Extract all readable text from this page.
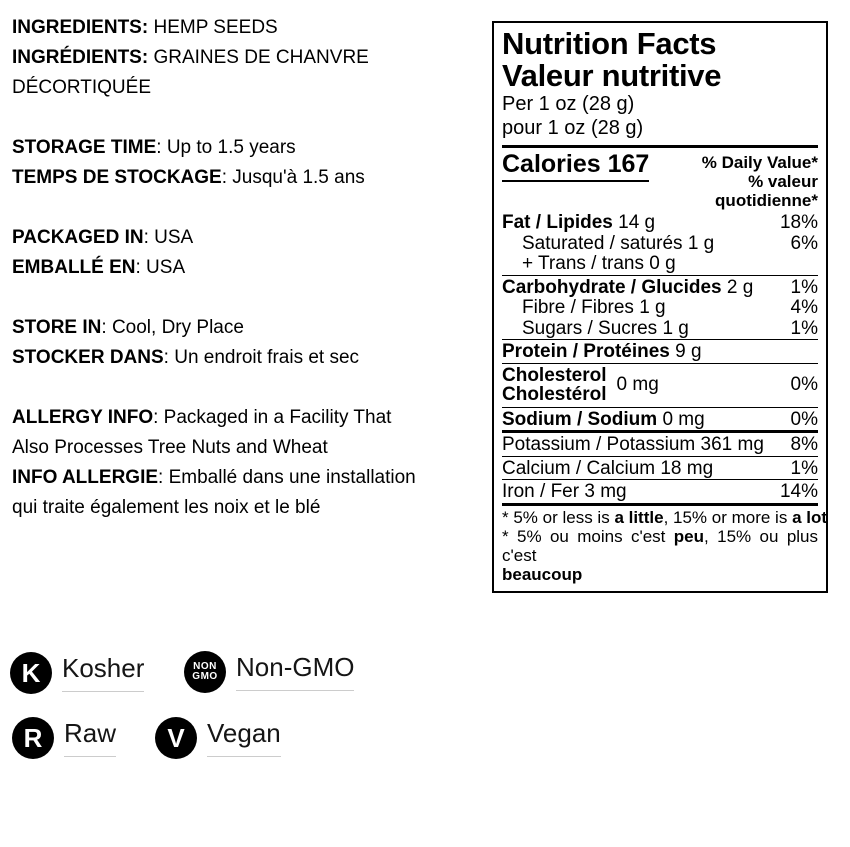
INGREDIENTS: HEMP SEEDS
INGRÉDIENTS: GRAINES DE CHANVRE
DÉCORTIQUÉE
STORAGE TIME: Up to 1.5 years
TEMPS DE STOCKAGE: Jusqu'à 1.5 ans
PACKAGED IN: USA
EMBALLÉ EN: USA
STORE IN: Cool, Dry Place
STOCKER DANS: Un endroit frais et sec
ALLERGY INFO: Packaged in a Facility That
Also Processes Tree Nuts and Wheat
INFO ALLERGIE: Emballé dans une installation
qui traite également les noix et le blé
Nutrition Facts
Valeur nutritive
Per 1 oz (28 g)
pour 1 oz (28 g)
Calories 167	% Daily Value*
% valeur quotidienne*
Fat / Lipides 14 g	18%
Saturated / saturés 1 g	6%
+ Trans / trans 0 g
Carbohydrate / Glucides 2 g 1%
Fibre / Fibres 1 g	4%
Sugars / Sucres 1 g	1%
Protein / Protéines 9 g
Cholesterol
Cholestérol 0 mg	0%
Sodium / Sodium 0 mg	0%
Potassium / Potassium 361 mg 8%
Calcium / Calcium 18 mg	1%
Iron / Fer 3 mg	14%
* 5% or less is a little, 15% or more is a lot
* 5% ou moins c'est peu, 15% ou plus c'est
beaucoup
K Kosher	NON
GMO Non-GMO
R Raw V Vegan
